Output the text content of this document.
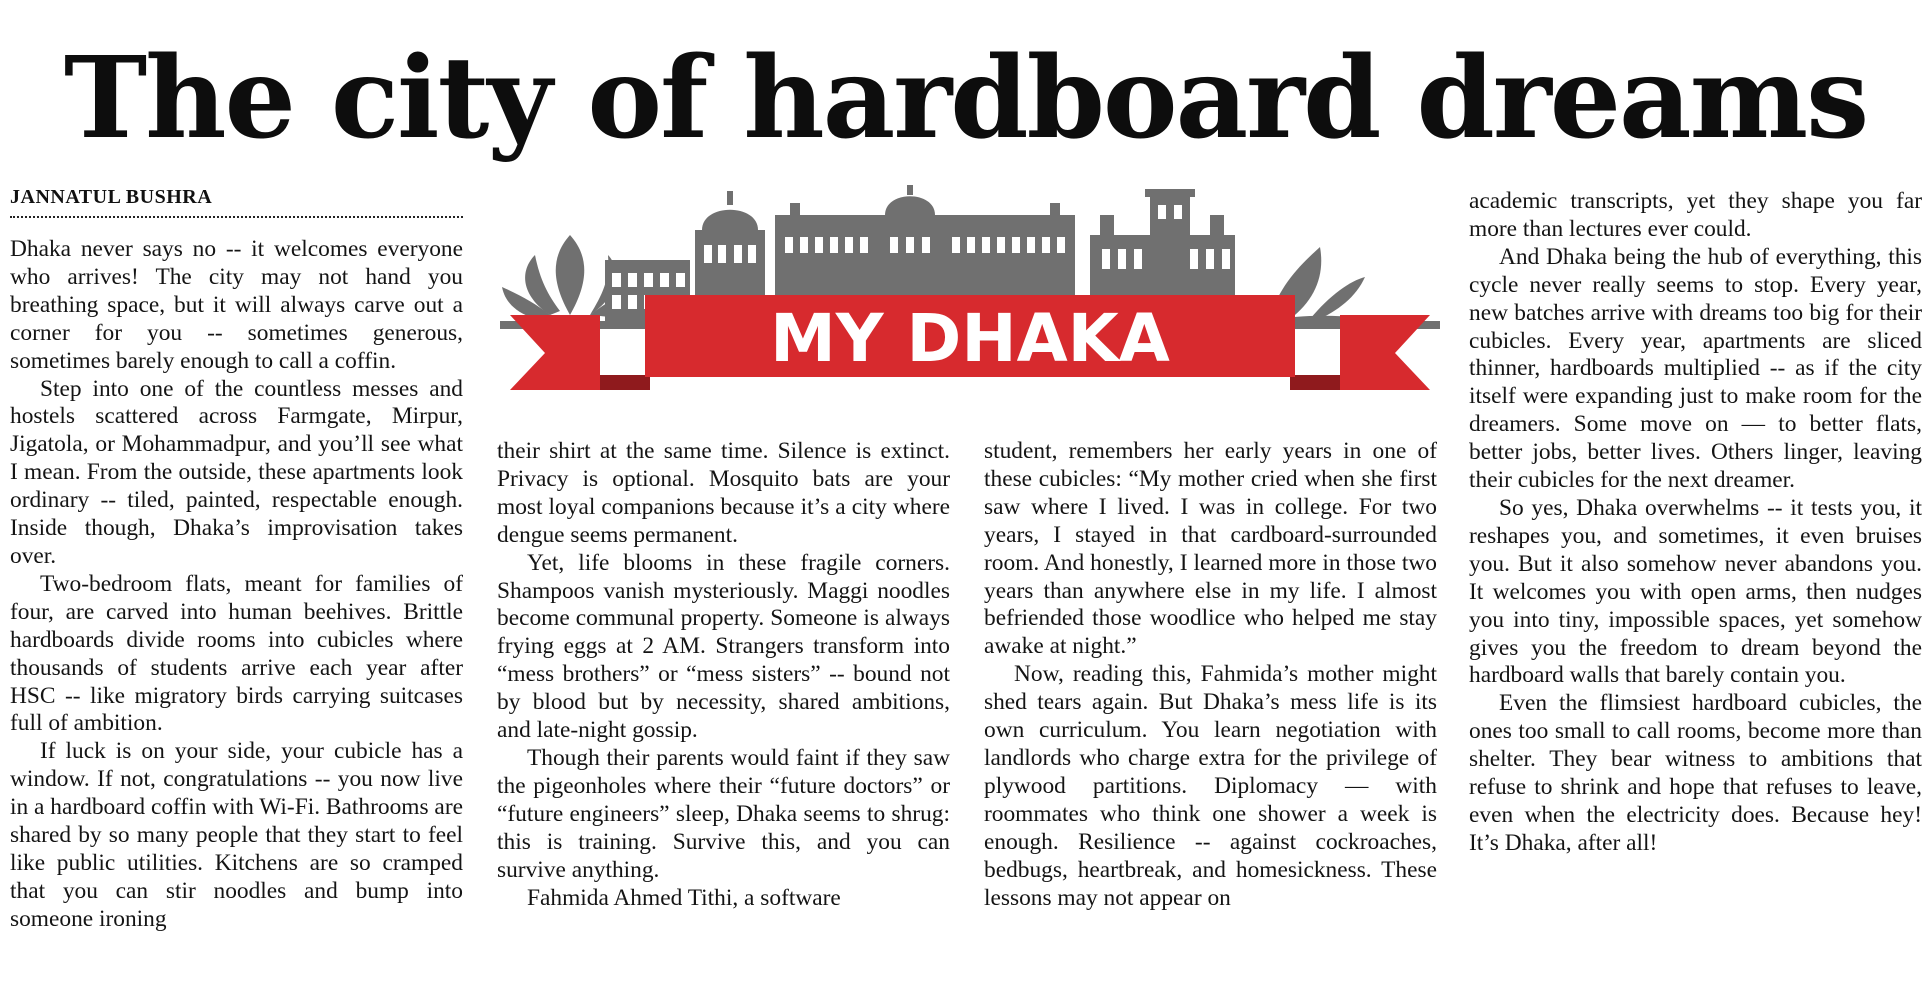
The city of hardboard dreams
JANNATUL BUSHRA

Dhaka never says no -- it welcomes everyone who arrives! The city may not hand you breathing space, but it will always carve out a corner for you -- sometimes generous, sometimes barely enough to call a coffin.

Step into one of the countless messes and hostels scattered across Farmgate, Mirpur, Jigatola, or Mohammadpur, and you’ll see what I mean. From the outside, these apartments look ordinary -- tiled, painted, respectable enough. Inside though, Dhaka’s improvisation takes over.

Two-bedroom flats, meant for families of four, are carved into human beehives. Brittle hardboards divide rooms into cubicles where thousands of students arrive each year after HSC -- like migratory birds carrying suitcases full of ambition.

If luck is on your side, your cubicle has a window. If not, congratulations -- you now live in a hardboard coffin with Wi-Fi. Bathrooms are shared by so many people that they start to feel like public utilities. Kitchens are so cramped that you can stir noodles and bump into someone ironing

MY DHAKA

their shirt at the same time. Silence is extinct. Privacy is optional. Mosquito bats are your most loyal companions because it’s a city where dengue seems permanent.

Yet, life blooms in these fragile corners. Shampoos vanish mysteriously. Maggi noodles become communal property. Someone is always frying eggs at 2 AM. Strangers transform into “mess brothers” or “mess sisters” -- bound not by blood but by necessity, shared ambitions, and late-night gossip.

Though their parents would faint if they saw the pigeonholes where their “future doctors” or “future engineers” sleep, Dhaka seems to shrug: this is training. Survive this, and you can survive anything.

Fahmida Ahmed Tithi, a software

student, remembers her early years in one of these cubicles: “My mother cried when she first saw where I lived. I was in college. For two years, I stayed in that cardboard-surrounded room. And honestly, I learned more in those two years than anywhere else in my life. I almost befriended those woodlice who helped me stay awake at night.”

Now, reading this, Fahmida’s mother might shed tears again. But Dhaka’s mess life is its own curriculum. You learn negotiation with landlords who charge extra for the privilege of plywood partitions. Diplomacy — with roommates who think one shower a week is enough. Resilience -- against cockroaches, bedbugs, heartbreak, and homesickness. These lessons may not appear on

academic transcripts, yet they shape you far more than lectures ever could.

And Dhaka being the hub of everything, this cycle never really seems to stop. Every year, new batches arrive with dreams too big for their cubicles. Every year, apartments are sliced thinner, hardboards multiplied -- as if the city itself were expanding just to make room for the dreamers. Some move on — to better flats, better jobs, better lives. Others linger, leaving their cubicles for the next dreamer.

So yes, Dhaka overwhelms -- it tests you, it reshapes you, and sometimes, it even bruises you. But it also somehow never abandons you. It welcomes you with open arms, then nudges you into tiny, impossible spaces, yet somehow gives you the freedom to dream beyond the hardboard walls that barely contain you.

Even the flimsiest hardboard cubicles, the ones too small to call rooms, become more than shelter. They bear witness to ambitions that refuse to shrink and hope that refuses to leave, even when the electricity does. Because hey! It’s Dhaka, after all!
